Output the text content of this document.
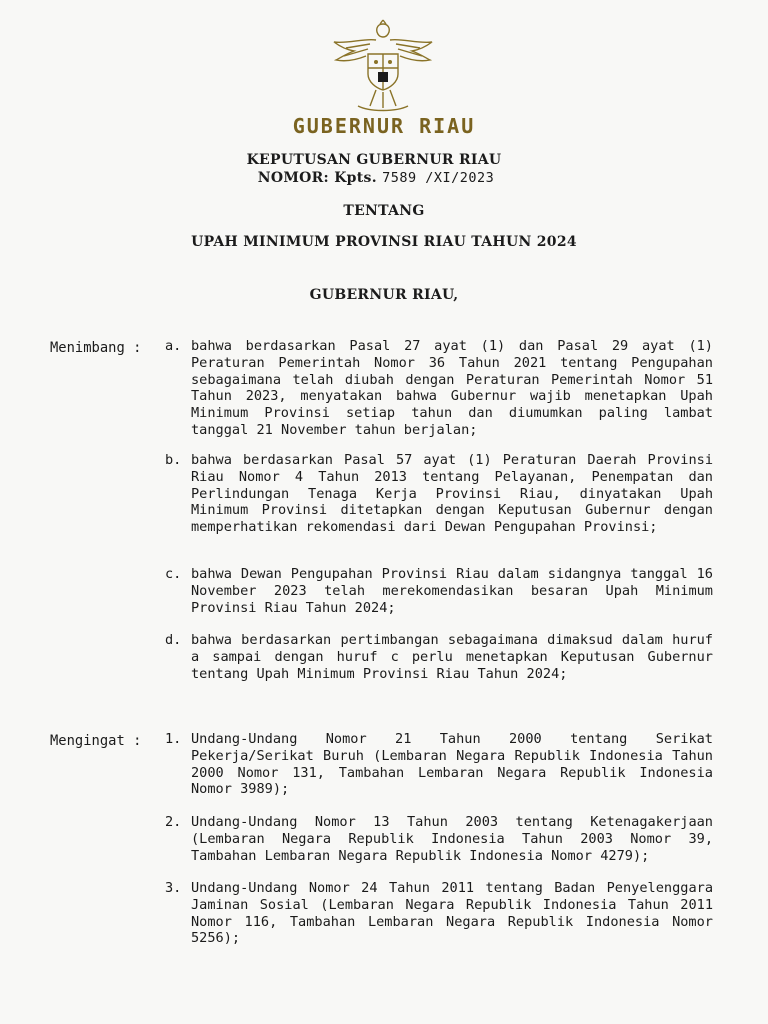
GUBERNUR RIAU
KEPUTUSAN GUBERNUR RIAU
NOMOR: Kpts. 7589 /XI/2023
TENTANG
UPAH MINIMUM PROVINSI RIAU TAHUN 2024
GUBERNUR RIAU,
Menimbang : a. bahwa berdasarkan Pasal 27 ayat (1) dan Pasal 29 ayat (1) Peraturan Pemerintah Nomor 36 Tahun 2021 tentang Pengupahan sebagaimana telah diubah dengan Peraturan Pemerintah Nomor 51 Tahun 2023, menyatakan bahwa Gubernur wajib menetapkan Upah Minimum Provinsi setiap tahun dan diumumkan paling lambat tanggal 21 November tahun berjalan;
b. bahwa berdasarkan Pasal 57 ayat (1) Peraturan Daerah Provinsi Riau Nomor 4 Tahun 2013 tentang Pelayanan, Penempatan dan Perlindungan Tenaga Kerja Provinsi Riau, dinyatakan Upah Minimum Provinsi ditetapkan dengan Keputusan Gubernur dengan memperhatikan rekomendasi dari Dewan Pengupahan Provinsi;
c. bahwa Dewan Pengupahan Provinsi Riau dalam sidangnya tanggal 16 November 2023 telah merekomendasikan besaran Upah Minimum Provinsi Riau Tahun 2024;
d. bahwa berdasarkan pertimbangan sebagaimana dimaksud dalam huruf a sampai dengan huruf c perlu menetapkan Keputusan Gubernur tentang Upah Minimum Provinsi Riau Tahun 2024;
Mengingat : 1. Undang-Undang Nomor 21 Tahun 2000 tentang Serikat Pekerja/Serikat Buruh (Lembaran Negara Republik Indonesia Tahun 2000 Nomor 131, Tambahan Lembaran Negara Republik Indonesia Nomor 3989);
2. Undang-Undang Nomor 13 Tahun 2003 tentang Ketenagakerjaan (Lembaran Negara Republik Indonesia Tahun 2003 Nomor 39, Tambahan Lembaran Negara Republik Indonesia Nomor 4279);
3. Undang-Undang Nomor 24 Tahun 2011 tentang Badan Penyelenggara Jaminan Sosial (Lembaran Negara Republik Indonesia Tahun 2011 Nomor 116, Tambahan Lembaran Negara Republik Indonesia Nomor 5256);
